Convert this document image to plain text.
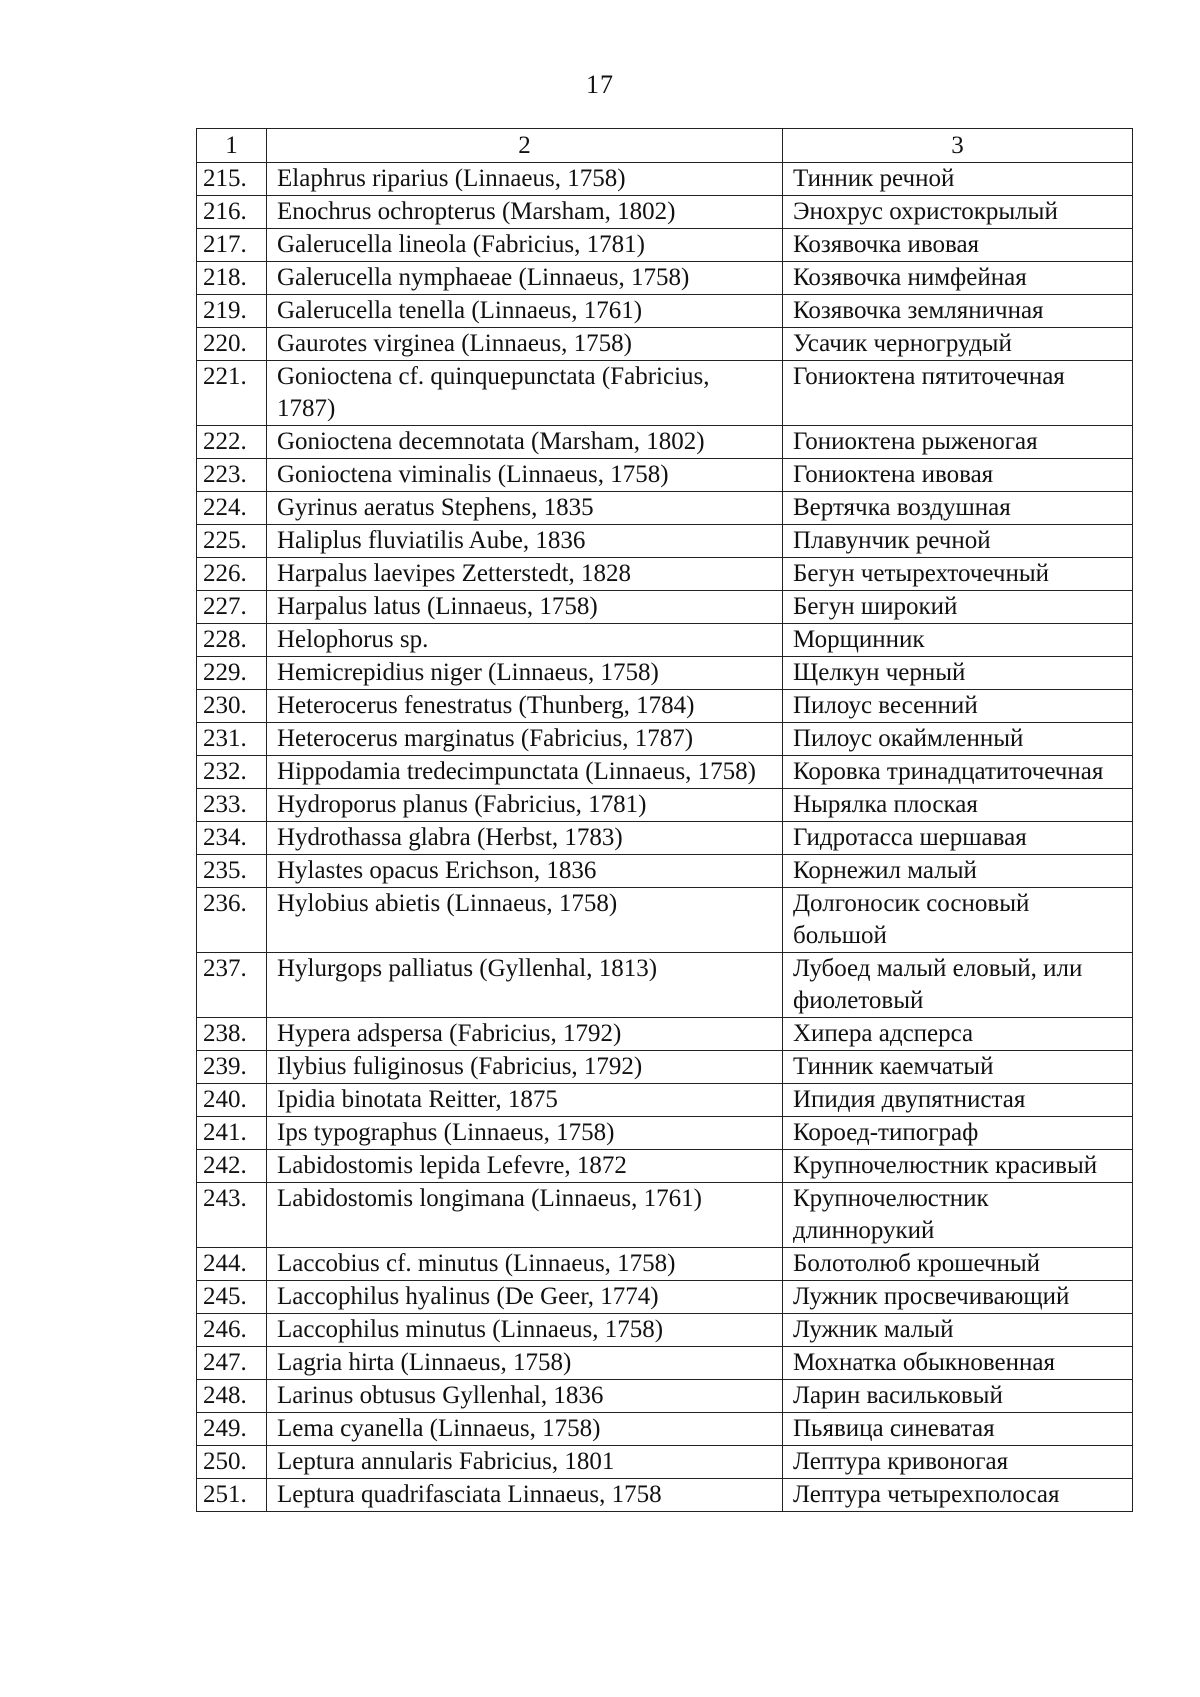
17
1	2	3
215.	Elaphrus riparius (Linnaeus, 1758)	Тинник речной
216.	Enochrus ochropterus (Marsham, 1802)	Энохрус охристокрылый
217.	Galerucella lineola (Fabricius, 1781)	Козявочка ивовая
218.	Galerucella nymphaeae (Linnaeus, 1758)	Козявочка нимфейная
219.	Galerucella tenella (Linnaeus, 1761)	Козявочка земляничная
220.	Gaurotes virginea (Linnaeus, 1758)	Усачик черногрудый
221.	Gonioctena cf. quinquepunctata (Fabricius, 1787)	Гониоктена пятиточечная
222.	Gonioctena decemnotata (Marsham, 1802)	Гониоктена рыженогая
223.	Gonioctena viminalis (Linnaeus, 1758)	Гониоктена ивовая
224.	Gyrinus aeratus Stephens, 1835	Вертячка воздушная
225.	Haliplus fluviatilis Aube, 1836	Плавунчик речной
226.	Harpalus laevipes Zetterstedt, 1828	Бегун четырехточечный
227.	Harpalus latus (Linnaeus, 1758)	Бегун широкий
228.	Helophorus sp.	Морщинник
229.	Hemicrepidius niger (Linnaeus, 1758)	Щелкун черный
230.	Heterocerus fenestratus (Thunberg, 1784)	Пилоус весенний
231.	Heterocerus marginatus (Fabricius, 1787)	Пилоус окаймленный
232.	Hippodamia tredecimpunctata (Linnaeus, 1758)	Коровка тринадцатиточечная
233.	Hydroporus planus (Fabricius, 1781)	Нырялка плоская
234.	Hydrothassa glabra (Herbst, 1783)	Гидротасса шершавая
235.	Hylastes opacus Erichson, 1836	Корнежил малый
236.	Hylobius abietis (Linnaeus, 1758)	Долгоносик сосновый большой
237.	Hylurgops palliatus (Gyllenhal, 1813)	Лубоед малый еловый, или фиолетовый
238.	Hypera adspersa (Fabricius, 1792)	Хипера адсперса
239.	Ilybius fuliginosus (Fabricius, 1792)	Тинник каемчатый
240.	Ipidia binotata Reitter, 1875	Ипидия двупятнистая
241.	Ips typographus (Linnaeus, 1758)	Короед-типограф
242.	Labidostomis lepida Lefevre, 1872	Крупночелюстник красивый
243.	Labidostomis longimana (Linnaeus, 1761)	Крупночелюстник длиннорукий
244.	Laccobius cf. minutus (Linnaeus, 1758)	Болотолюб крошечный
245.	Laccophilus hyalinus (De Geer, 1774)	Лужник просвечивающий
246.	Laccophilus minutus (Linnaeus, 1758)	Лужник малый
247.	Lagria hirta (Linnaeus, 1758)	Мохнатка обыкновенная
248.	Larinus obtusus Gyllenhal, 1836	Ларин васильковый
249.	Lema cyanella (Linnaeus, 1758)	Пьявица синеватая
250.	Leptura annularis Fabricius, 1801	Лептура кривоногая
251.	Leptura quadrifasciata Linnaeus, 1758	Лептура четырехполосая
